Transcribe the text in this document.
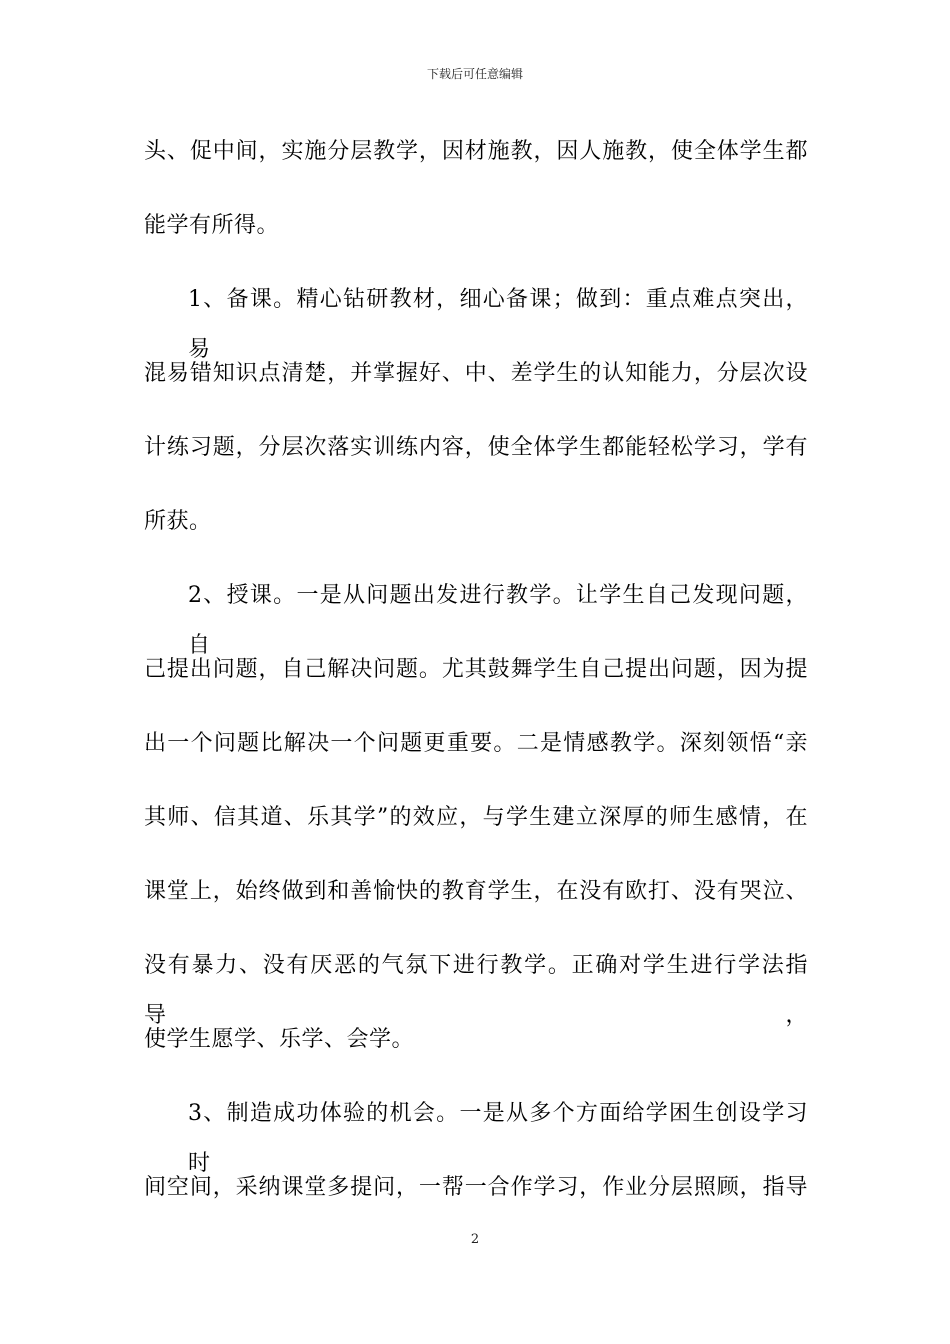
下载后可任意编辑
头、促中间，实施分层教学，因材施教，因人施教，使全体学生都
能学有所得。
1、备课。精心钻研教材，细心备课；做到：重点难点突出，易
混易错知识点清楚，并掌握好、中、差学生的认知能力，分层次设
计练习题，分层次落实训练内容，使全体学生都能轻松学习，学有
所获。
2、授课。一是从问题出发进行教学。让学生自己发现问题，自
己提出问题，自己解决问题。尤其鼓舞学生自己提出问题，因为提
出一个问题比解决一个问题更重要。二是情感教学。深刻领悟“亲
其师、信其道、乐其学”的效应，与学生建立深厚的师生感情，在
课堂上，始终做到和善愉快的教育学生，在没有欧打、没有哭泣、
没有暴力、没有厌恶的气氛下进行教学。正确对学生进行学法指导，
使学生愿学、乐学、会学。
3、制造成功体验的机会。一是从多个方面给学困生创设学习时
间空间，采纳课堂多提问，一帮一合作学习，作业分层照顾，指导
2
